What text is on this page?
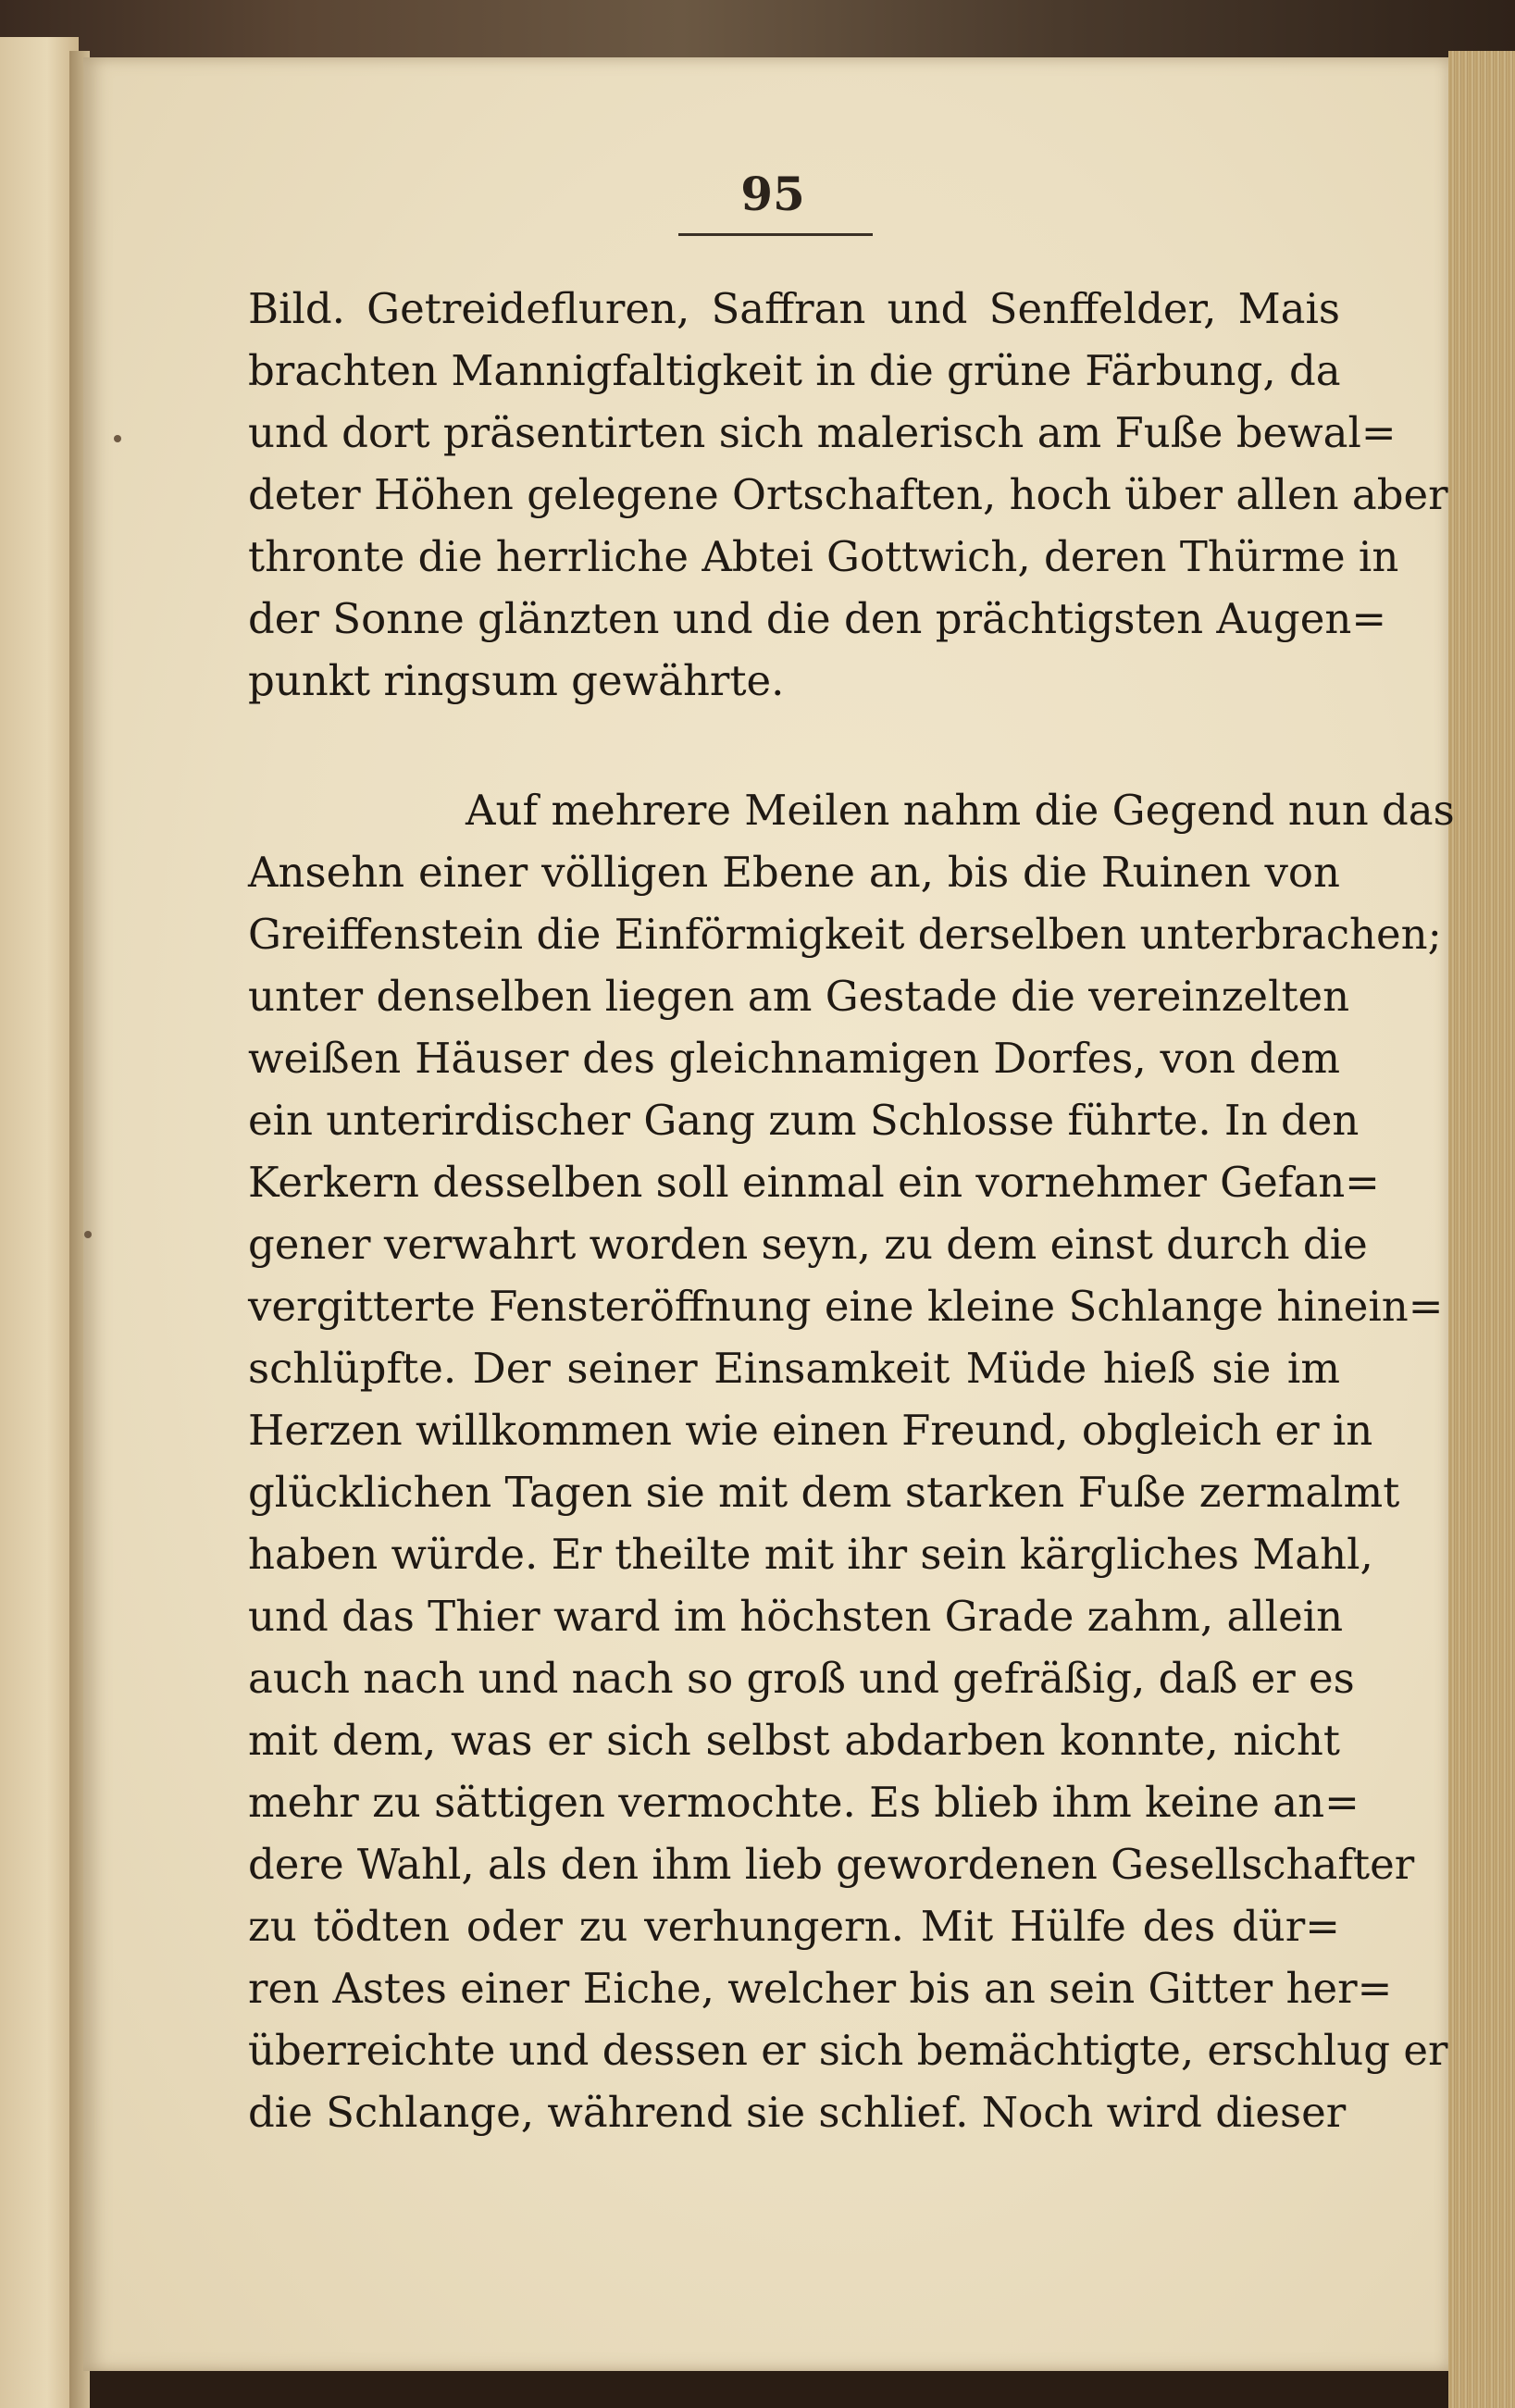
95
Bild. Getreidefluren, Saffran und Senffelder, Mais
brachten Mannigfaltigkeit in die grüne Färbung, da
und dort präsentirten sich malerisch am Fuße bewal=
deter Höhen gelegene Ortschaften, hoch über allen aber
thronte die herrliche Abtei Gottwich, deren Thürme in
der Sonne glänzten und die den prächtigsten Augen=
punkt ringsum gewährte.
Auf mehrere Meilen nahm die Gegend nun das
Ansehn einer völligen Ebene an, bis die Ruinen von
Greiffenstein die Einförmigkeit derselben unterbrachen;
unter denselben liegen am Gestade die vereinzelten
weißen Häuser des gleichnamigen Dorfes, von dem
ein unterirdischer Gang zum Schlosse führte. In den
Kerkern desselben soll einmal ein vornehmer Gefan=
gener verwahrt worden seyn, zu dem einst durch die
vergitterte Fensteröffnung eine kleine Schlange hinein=
schlüpfte. Der seiner Einsamkeit Müde hieß sie im
Herzen willkommen wie einen Freund, obgleich er in
glücklichen Tagen sie mit dem starken Fuße zermalmt
haben würde. Er theilte mit ihr sein kärgliches Mahl,
und das Thier ward im höchsten Grade zahm, allein
auch nach und nach so groß und gefräßig, daß er es
mit dem, was er sich selbst abdarben konnte, nicht
mehr zu sättigen vermochte. Es blieb ihm keine an=
dere Wahl, als den ihm lieb gewordenen Gesellschafter
zu tödten oder zu verhungern. Mit Hülfe des dür=
ren Astes einer Eiche, welcher bis an sein Gitter her=
überreichte und dessen er sich bemächtigte, erschlug er
die Schlange, während sie schlief. Noch wird dieser
